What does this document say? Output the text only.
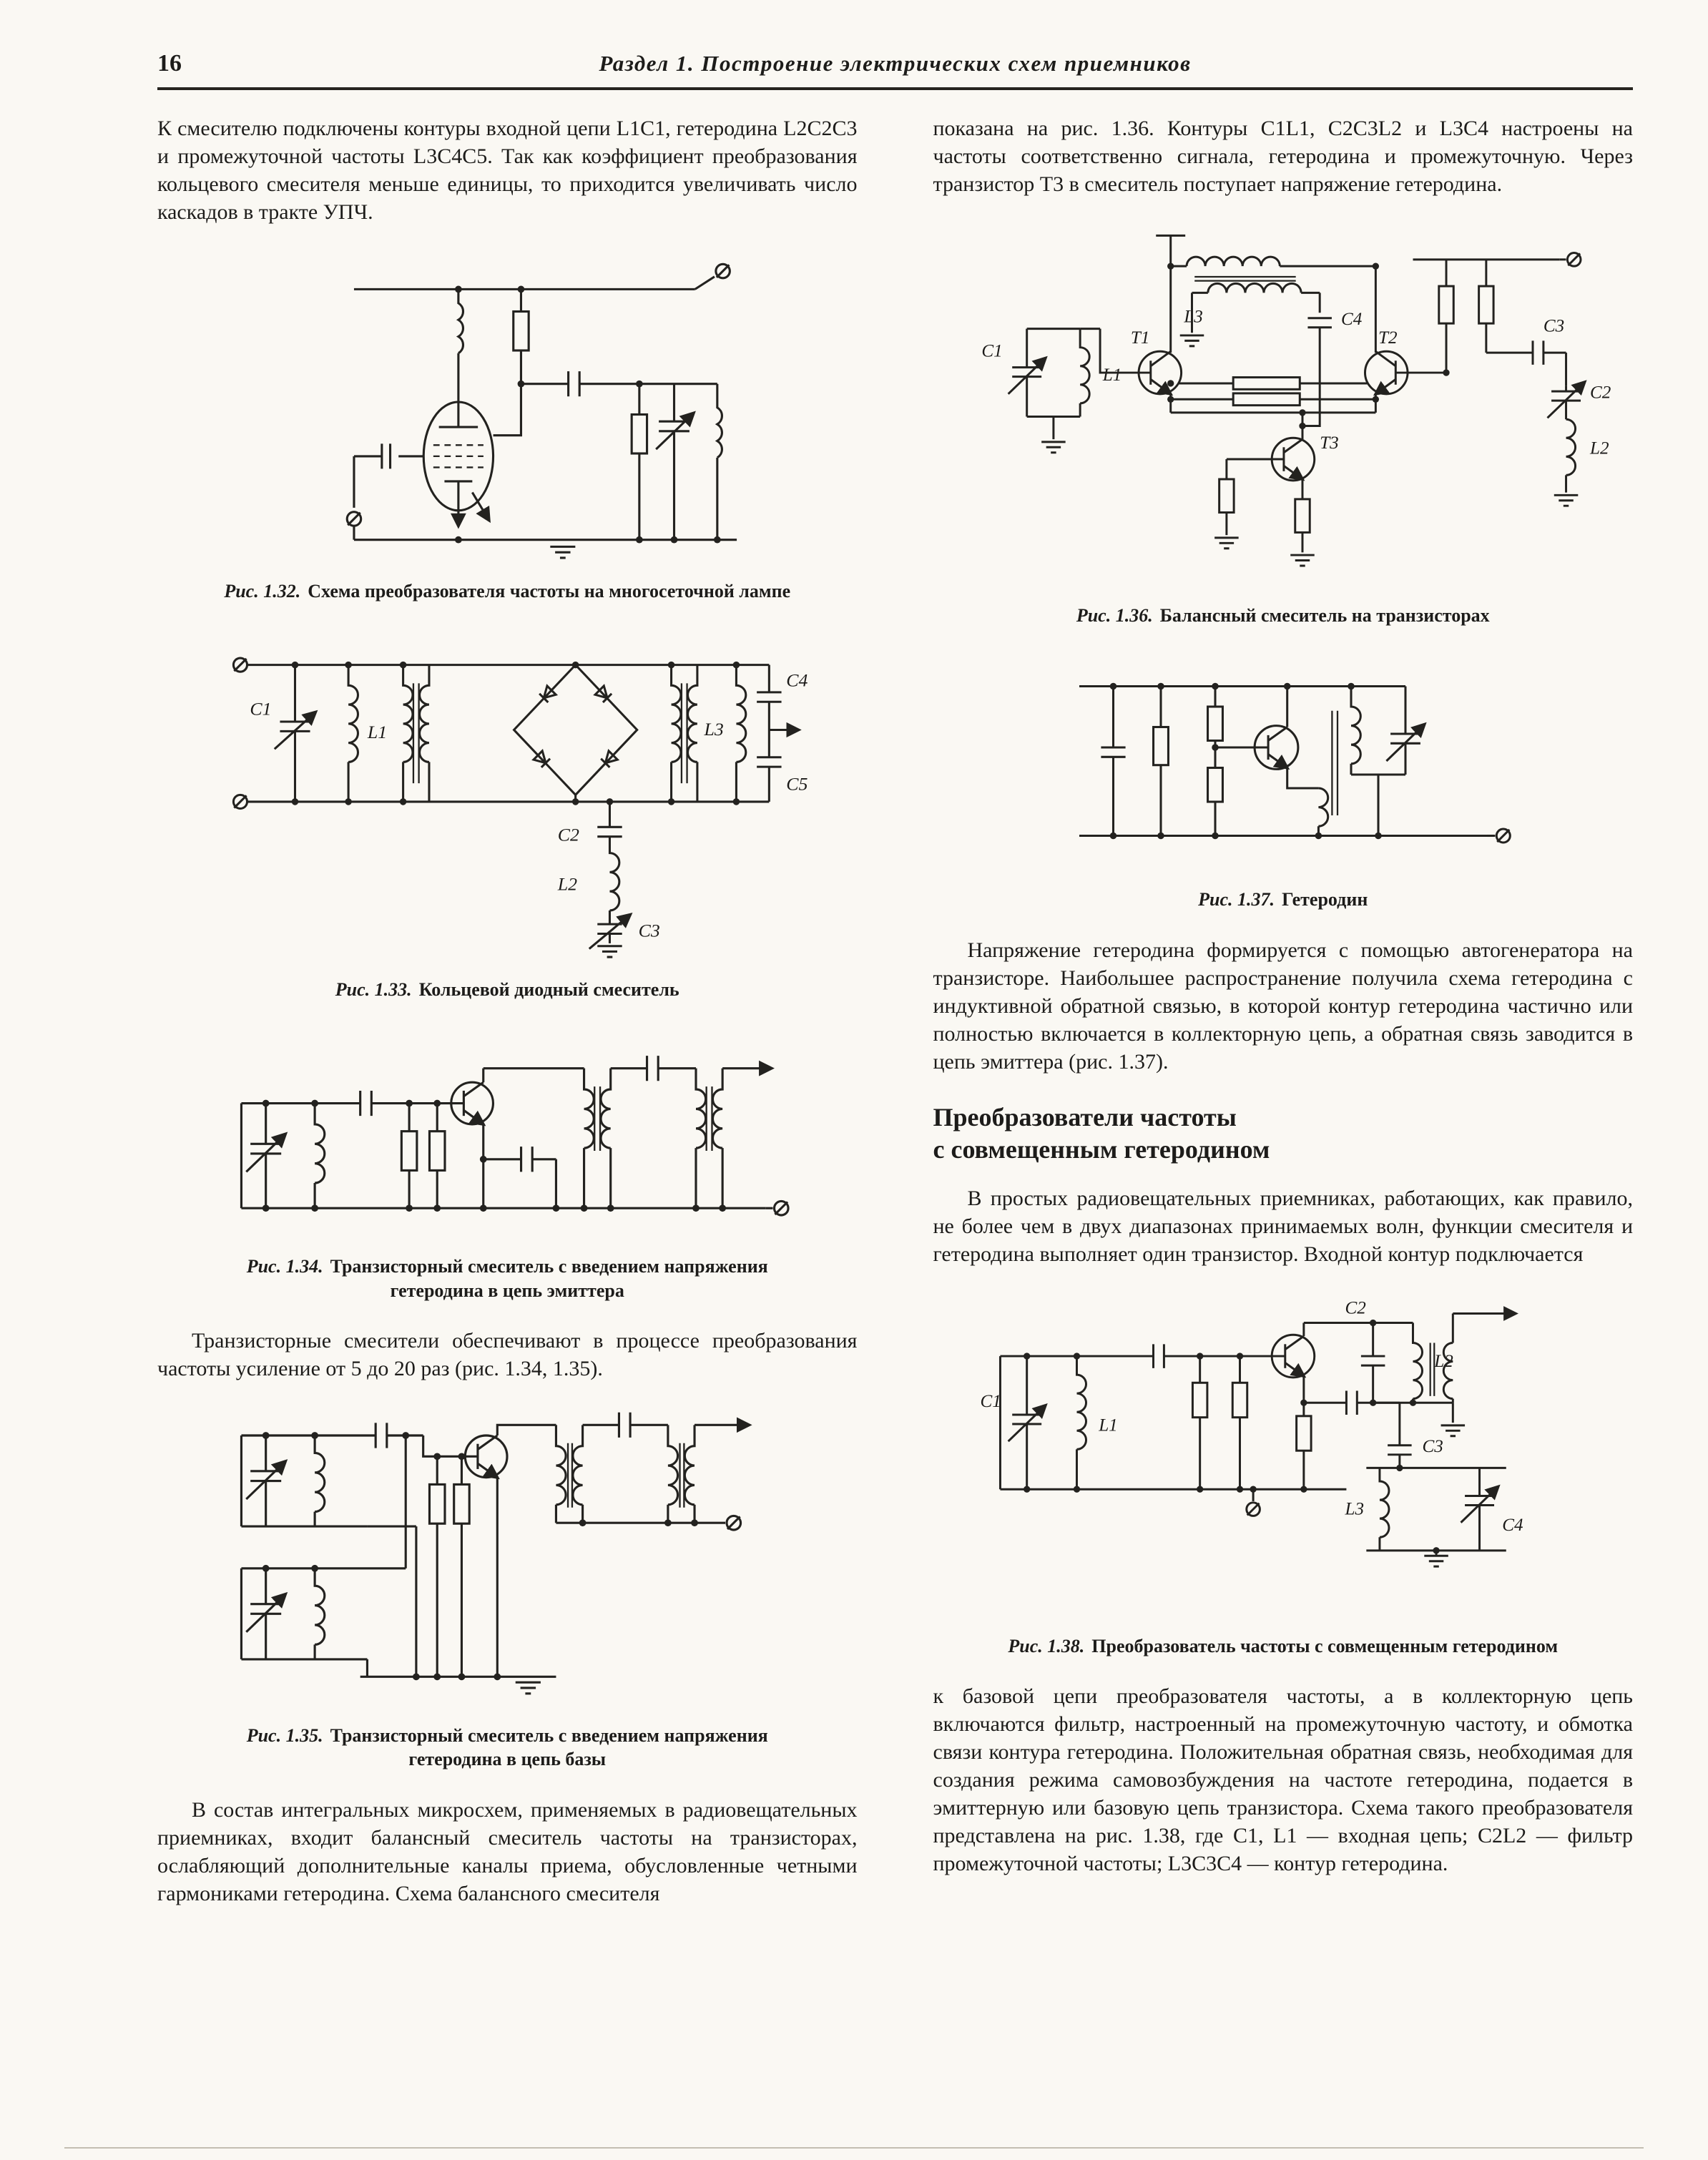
16	Раздел 1. Построение электрических схем приемников

К смесителю подключены контуры входной цепи L1C1, гетеродина L2C2C3 и промежуточной частоты L3C4C5. Так как коэффициент преобразования кольцевого смесителя меньше единицы, то приходится увеличивать число каскадов в тракте УПЧ.

Рис. 1.32. Схема преобразователя частоты на многосеточной лампе
C1
L1	L3
C4
C5
C2
L2
C3
Рис. 1.33. Кольцевой диодный смеситель
Рис. 1.34. Транзисторный смеситель с введением напряжения гетеродина в цепь эмиттера

Транзисторные смесители обеспечивают в процессе преобразования частоты усиление от 5 до 20 раз (рис. 1.34, 1.35).

Рис. 1.35. Транзисторный смеситель с введением напряжения гетеродина в цепь базы

В состав интегральных микросхем, применяемых в радиовещательных приемниках, входит балансный смеситель частоты на транзисторах, ослабляющий дополнительные каналы приема, обусловленные четными гармониками гетеродина. Схема балансного смесителя

показана на рис. 1.36. Контуры C1L1, C2C3L2 и L3C4 настроены на частоты соответственно сигнала, гетеродина и промежуточную. Через транзистор T3 в смеситель поступает напряжение гетеродина.

L3	C4
T1	T2
T3
C1
L1
C3
C2
L2
Рис. 1.36. Балансный смеситель на транзисторах
Рис. 1.37. Гетеродин

Напряжение гетеродина формируется с помощью автогенератора на транзисторе. Наибольшее распространение получила схема гетеродина с индуктивной обратной связью, в которой контур гетеродина частично или полностью включается в коллекторную цепь, а обратная связь заводится в цепь эмиттера (рис. 1.37).

Преобразователи частоты
с совмещенным гетеродином

В простых радиовещательных приемниках, работающих, как правило, не более чем в двух диапазонах принимаемых волн, функции смесителя и гетеродина выполняет один транзистор. Входной контур подключается

C1
L1
C3
C2
L2
L3
C4
Рис. 1.38. Преобразователь частоты с совмещенным гетеродином

к базовой цепи преобразователя частоты, а в коллекторную цепь включаются фильтр, настроенный на промежуточную частоту, и обмотка связи контура гетеродина. Положительная обратная связь, необходимая для создания режима самовозбуждения на частоте гетеродина, подается в эмиттерную или базовую цепь транзистора. Схема такого преобразователя представлена на рис. 1.38, где C1, L1 — входная цепь; C2L2 — фильтр промежуточной частоты; L3C3C4 — контур гетеродина.
